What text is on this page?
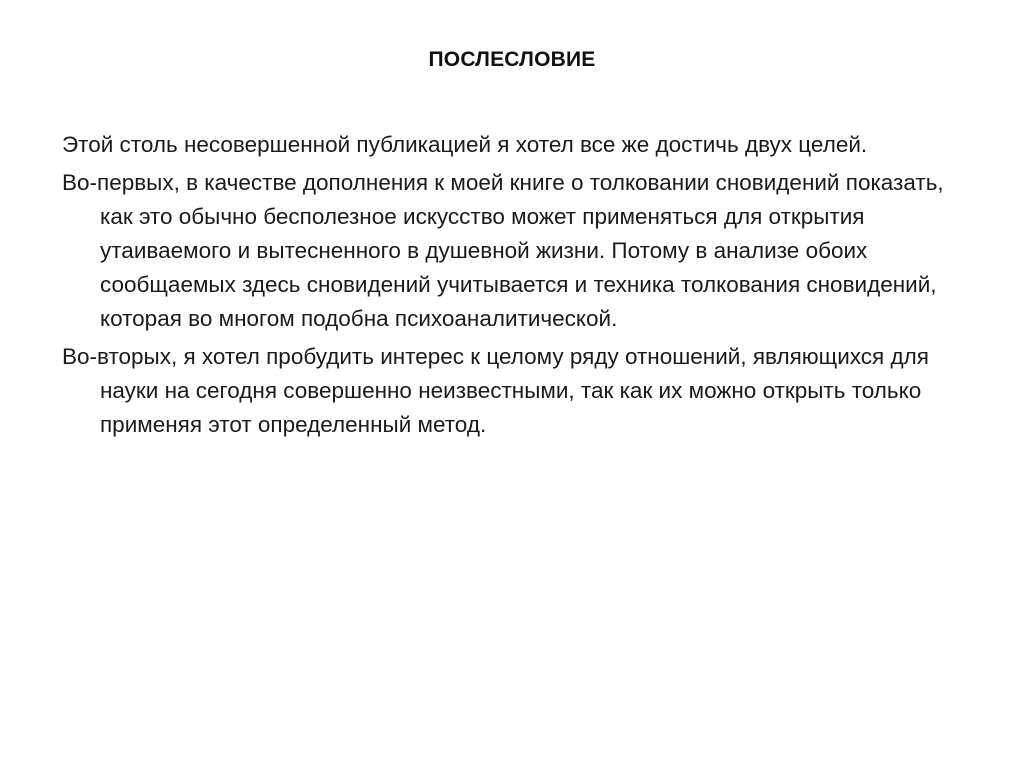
ПОСЛЕСЛОВИЕ

Этой столь несовершенной публикацией я хотел все же достичь двух целей.

Во-первых, в качестве дополнения к моей книге о толковании сновидений показать, как это обычно бесполезное искусство может применяться для открытия утаиваемого и вытесненного в душевной жизни. Потому в анализе обоих сообщаемых здесь сновидений учитывается и техника толкования сновидений, которая во многом подобна психоаналитической.

Во-вторых, я хотел пробудить интерес к целому ряду отношений, являющихся для науки на сегодня совершенно неизвестными, так как их можно открыть только применяя этот определенный метод.
